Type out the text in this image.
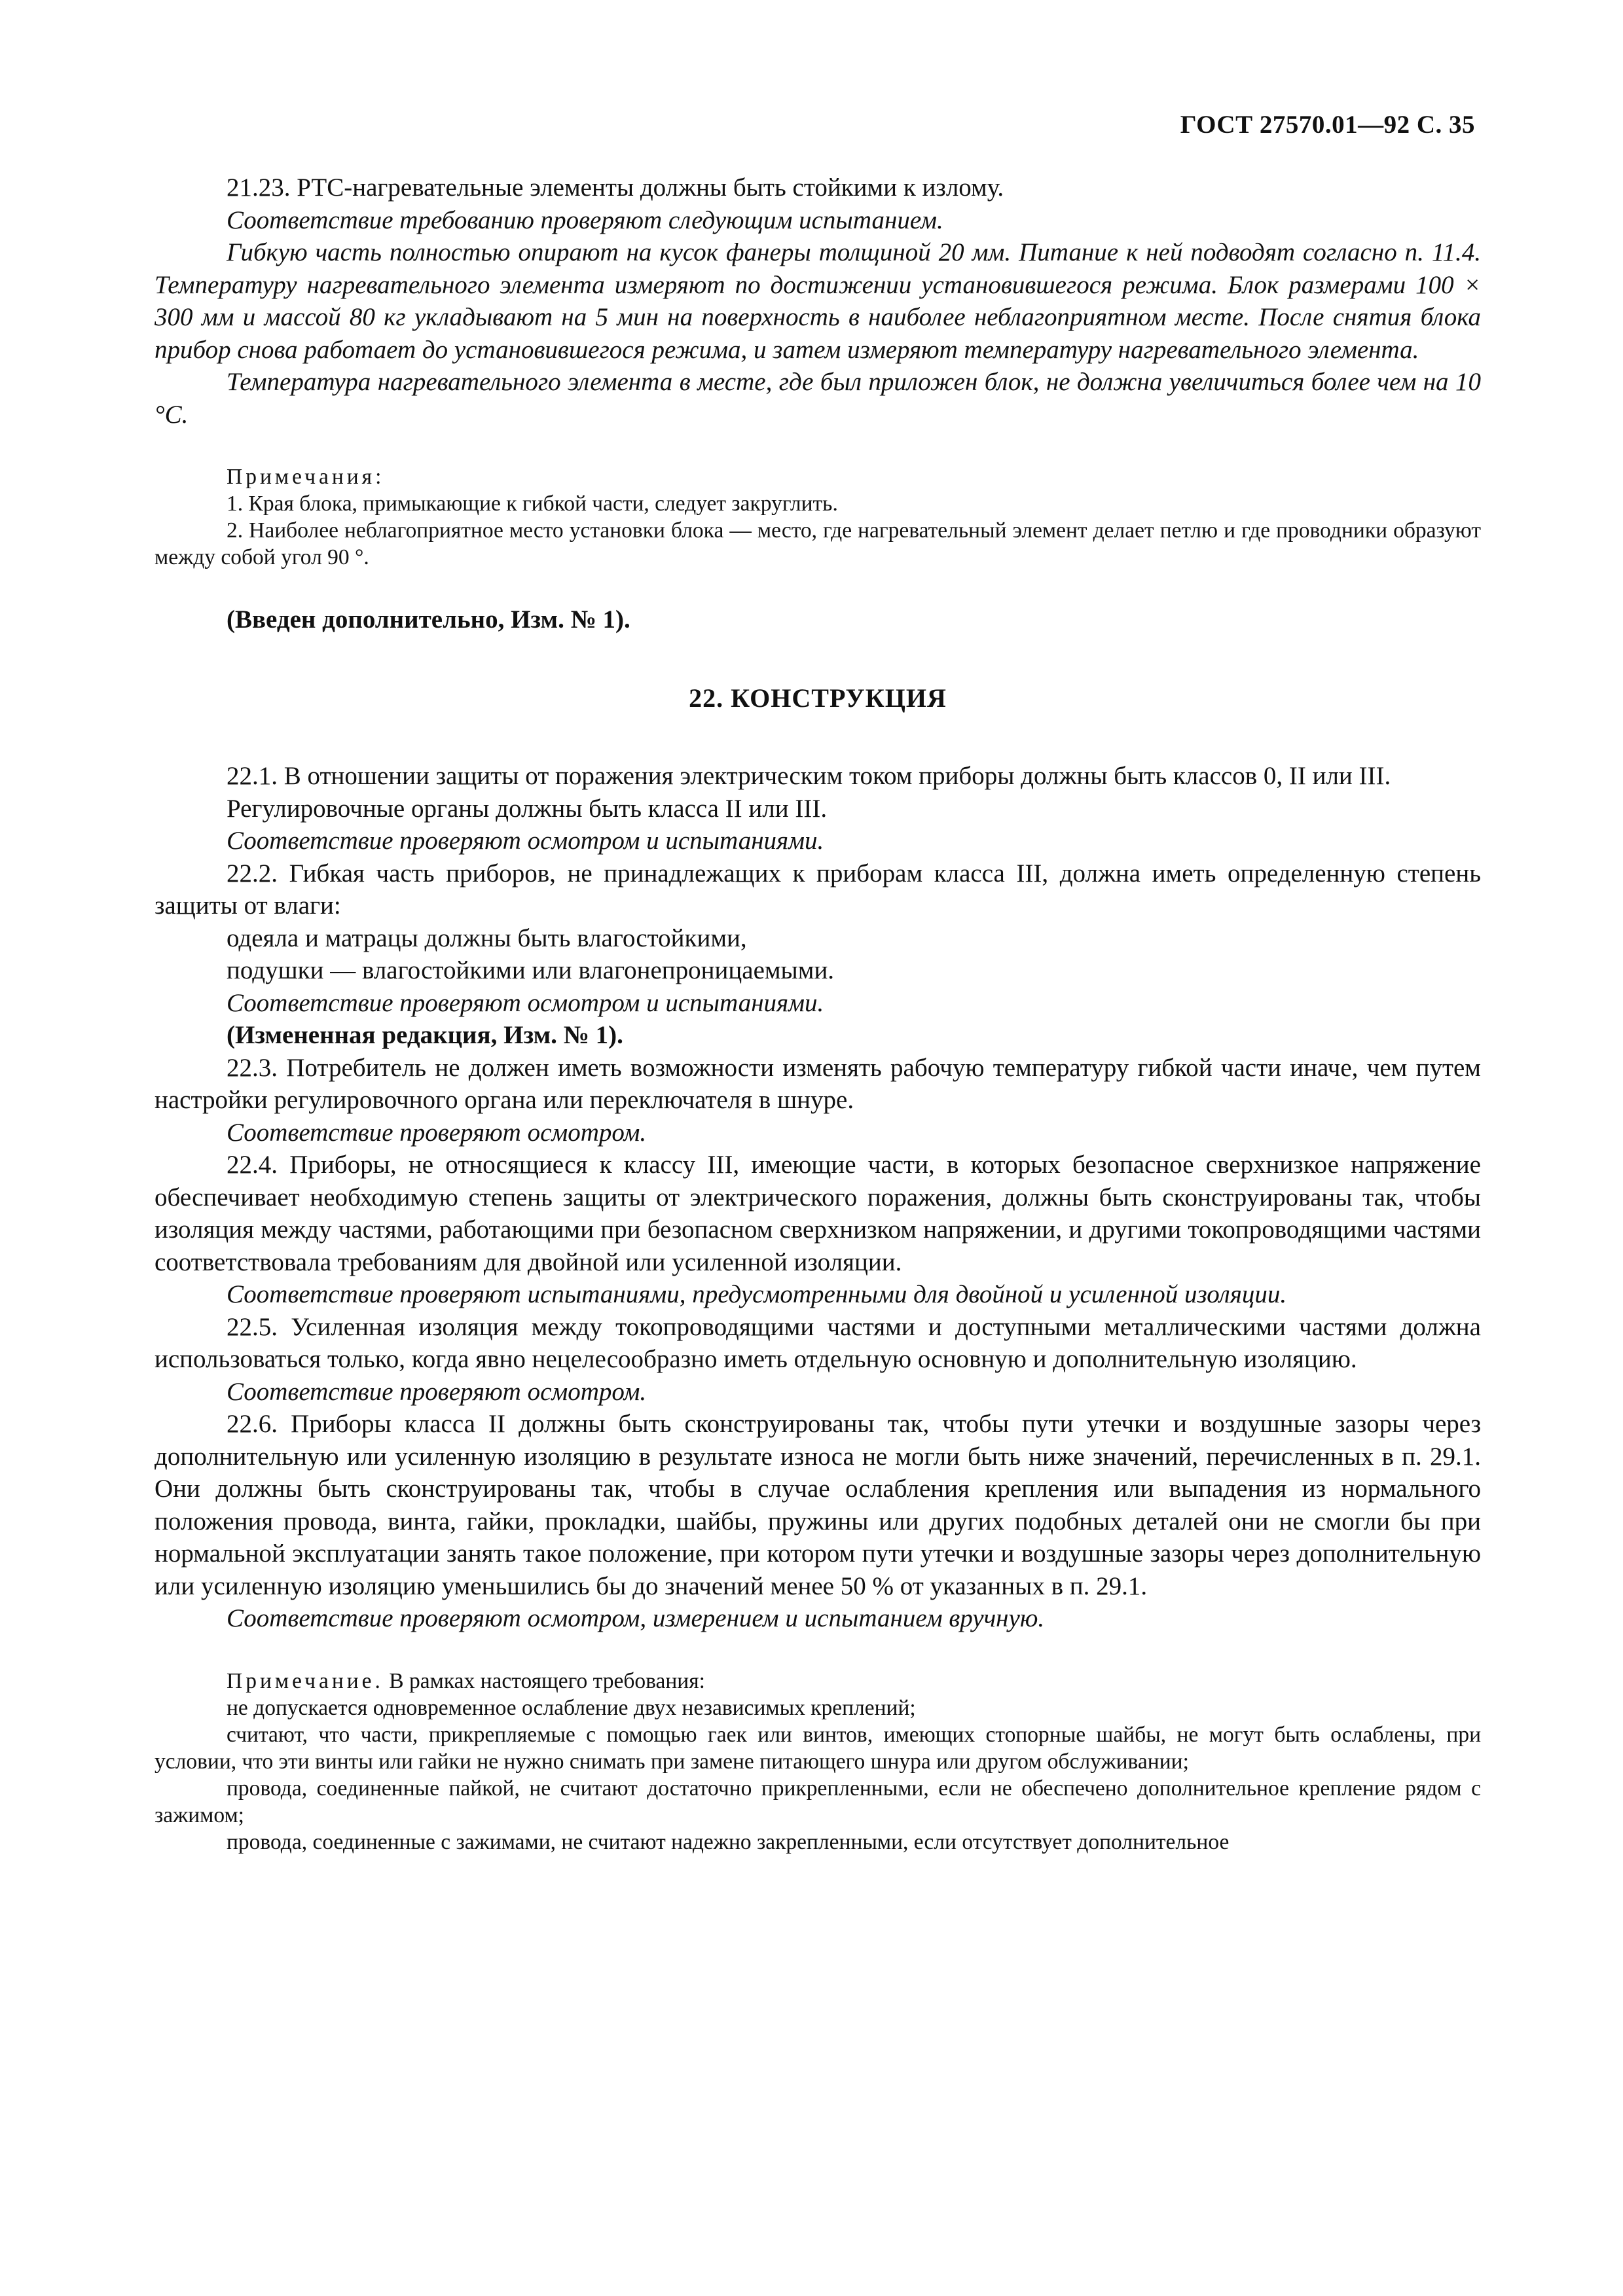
ГОСТ 27570.01—92 С. 35

21.23. РТС-нагревательные элементы должны быть стойкими к излому.

Соответствие требованию проверяют следующим испытанием.

Гибкую часть полностью опирают на кусок фанеры толщиной 20 мм. Питание к ней подводят согласно п. 11.4. Температуру нагревательного элемента измеряют по достижении установившегося режима. Блок размерами 100 × 300 мм и массой 80 кг укладывают на 5 мин на поверхность в наиболее неблагоприятном месте. После снятия блока прибор снова работает до установившегося режима, и затем измеряют температуру нагревательного элемента.

Температура нагревательного элемента в месте, где был приложен блок, не должна увеличиться более чем на 10 °С.

Примечания:

1. Края блока, примыкающие к гибкой части, следует закруглить.

2. Наиболее неблагоприятное место установки блока — место, где нагревательный элемент делает петлю и где проводники образуют между собой угол 90 °.

(Введен дополнительно, Изм. № 1).

22. КОНСТРУКЦИЯ

22.1. В отношении защиты от поражения электрическим током приборы должны быть классов 0, II или III.

Регулировочные органы должны быть класса II или III.

Соответствие проверяют осмотром и испытаниями.

22.2. Гибкая часть приборов, не принадлежащих к приборам класса III, должна иметь определенную степень защиты от влаги:

одеяла и матрацы должны быть влагостойкими,

подушки — влагостойкими или влагонепроницаемыми.

Соответствие проверяют осмотром и испытаниями.

(Измененная редакция, Изм. № 1).

22.3. Потребитель не должен иметь возможности изменять рабочую температуру гибкой части иначе, чем путем настройки регулировочного органа или переключателя в шнуре.

Соответствие проверяют осмотром.

22.4. Приборы, не относящиеся к классу III, имеющие части, в которых безопасное сверхнизкое напряжение обеспечивает необходимую степень защиты от электрического поражения, должны быть сконструированы так, чтобы изоляция между частями, работающими при безопасном сверхнизком напряжении, и другими токопроводящими частями соответствовала требованиям для двойной или усиленной изоляции.

Соответствие проверяют испытаниями, предусмотренными для двойной и усиленной изоляции.

22.5. Усиленная изоляция между токопроводящими частями и доступными металлическими частями должна использоваться только, когда явно нецелесообразно иметь отдельную основную и дополнительную изоляцию.

Соответствие проверяют осмотром.

22.6. Приборы класса II должны быть сконструированы так, чтобы пути утечки и воздушные зазоры через дополнительную или усиленную изоляцию в результате износа не могли быть ниже значений, перечисленных в п. 29.1. Они должны быть сконструированы так, чтобы в случае ослабления крепления или выпадения из нормального положения провода, винта, гайки, прокладки, шайбы, пружины или других подобных деталей они не смогли бы при нормальной эксплуатации занять такое положение, при котором пути утечки и воздушные зазоры через дополнительную или усиленную изоляцию уменьшились бы до значений менее 50 % от указанных в п. 29.1.

Соответствие проверяют осмотром, измерением и испытанием вручную.

Примечание. В рамках настоящего требования:

не допускается одновременное ослабление двух независимых креплений;

считают, что части, прикрепляемые с помощью гаек или винтов, имеющих стопорные шайбы, не могут быть ослаблены, при условии, что эти винты или гайки не нужно снимать при замене питающего шнура или другом обслуживании;

провода, соединенные пайкой, не считают достаточно прикрепленными, если не обеспечено дополнительное крепление рядом с зажимом;

провода, соединенные с зажимами, не считают надежно закрепленными, если отсутствует дополнительное
